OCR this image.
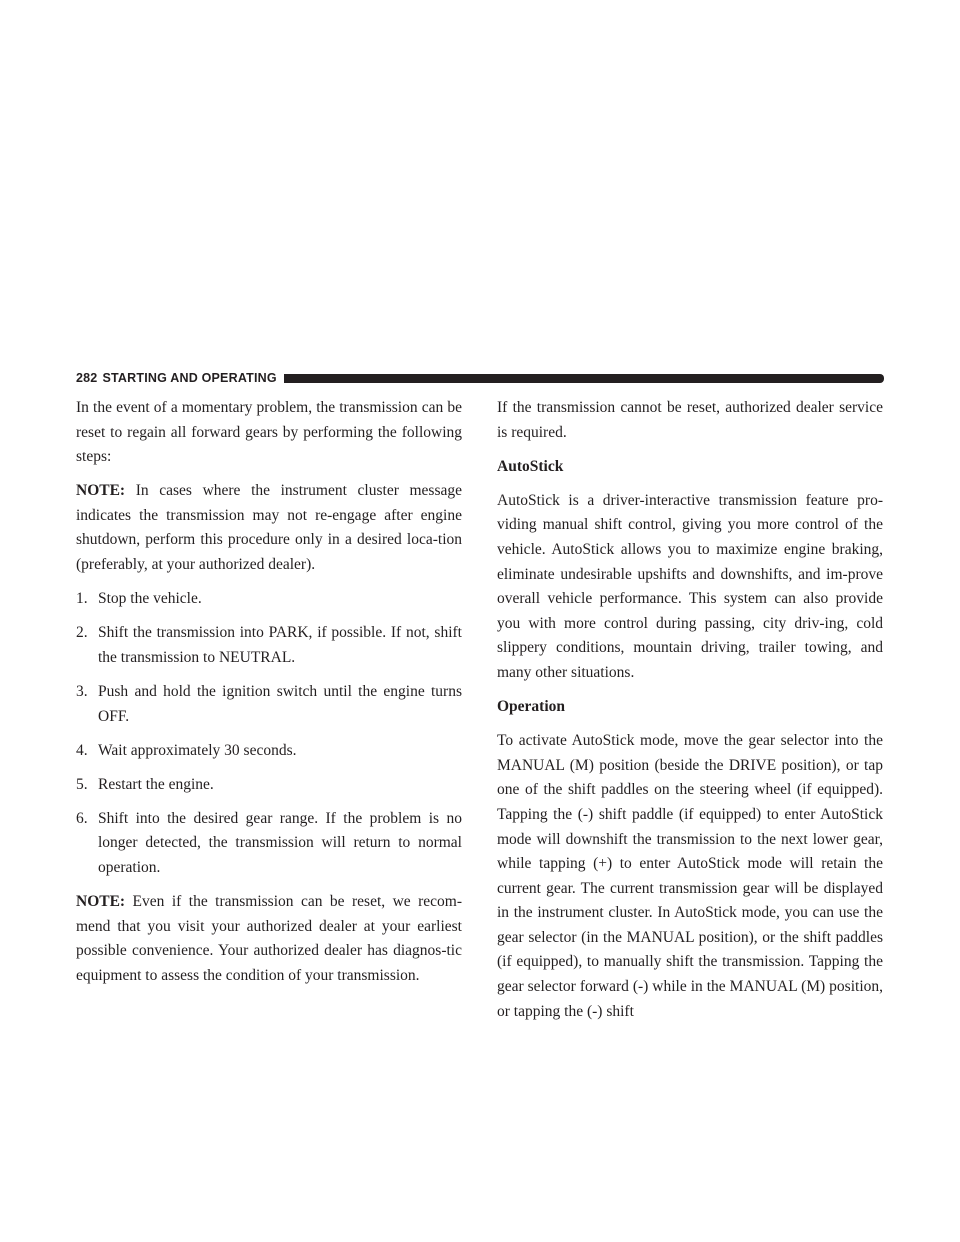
282 STARTING AND OPERATING

In the event of a momentary problem, the transmission can be reset to regain all forward gears by performing the following steps:

NOTE: In cases where the instrument cluster message indicates the transmission may not re-engage after engine shutdown, perform this procedure only in a desired loca-tion (preferably, at your authorized dealer).

1. Stop the vehicle.

2. Shift the transmission into PARK, if possible. If not, shift the transmission to NEUTRAL.

3. Push and hold the ignition switch until the engine turns OFF.

4. Wait approximately 30 seconds.

5. Restart the engine.

6. Shift into the desired gear range. If the problem is no longer detected, the transmission will return to normal operation.

NOTE: Even if the transmission can be reset, we recom-mend that you visit your authorized dealer at your earliest possible convenience. Your authorized dealer has diagnos-tic equipment to assess the condition of your transmission.

If the transmission cannot be reset, authorized dealer service is required.

AutoStick

AutoStick is a driver-interactive transmission feature pro-viding manual shift control, giving you more control of the vehicle. AutoStick allows you to maximize engine braking, eliminate undesirable upshifts and downshifts, and im-prove overall vehicle performance. This system can also provide you with more control during passing, city driv-ing, cold slippery conditions, mountain driving, trailer towing, and many other situations.

Operation

To activate AutoStick mode, move the gear selector into the MANUAL (M) position (beside the DRIVE position), or tap one of the shift paddles on the steering wheel (if equipped). Tapping the (-) shift paddle (if equipped) to enter AutoStick mode will downshift the transmission to the next lower gear, while tapping (+) to enter AutoStick mode will retain the current gear. The current transmission gear will be displayed in the instrument cluster. In AutoStick mode, you can use the gear selector (in the MANUAL position), or the shift paddles (if equipped), to manually shift the transmission. Tapping the gear selector forward (-) while in the MANUAL (M) position, or tapping the (-) shift
